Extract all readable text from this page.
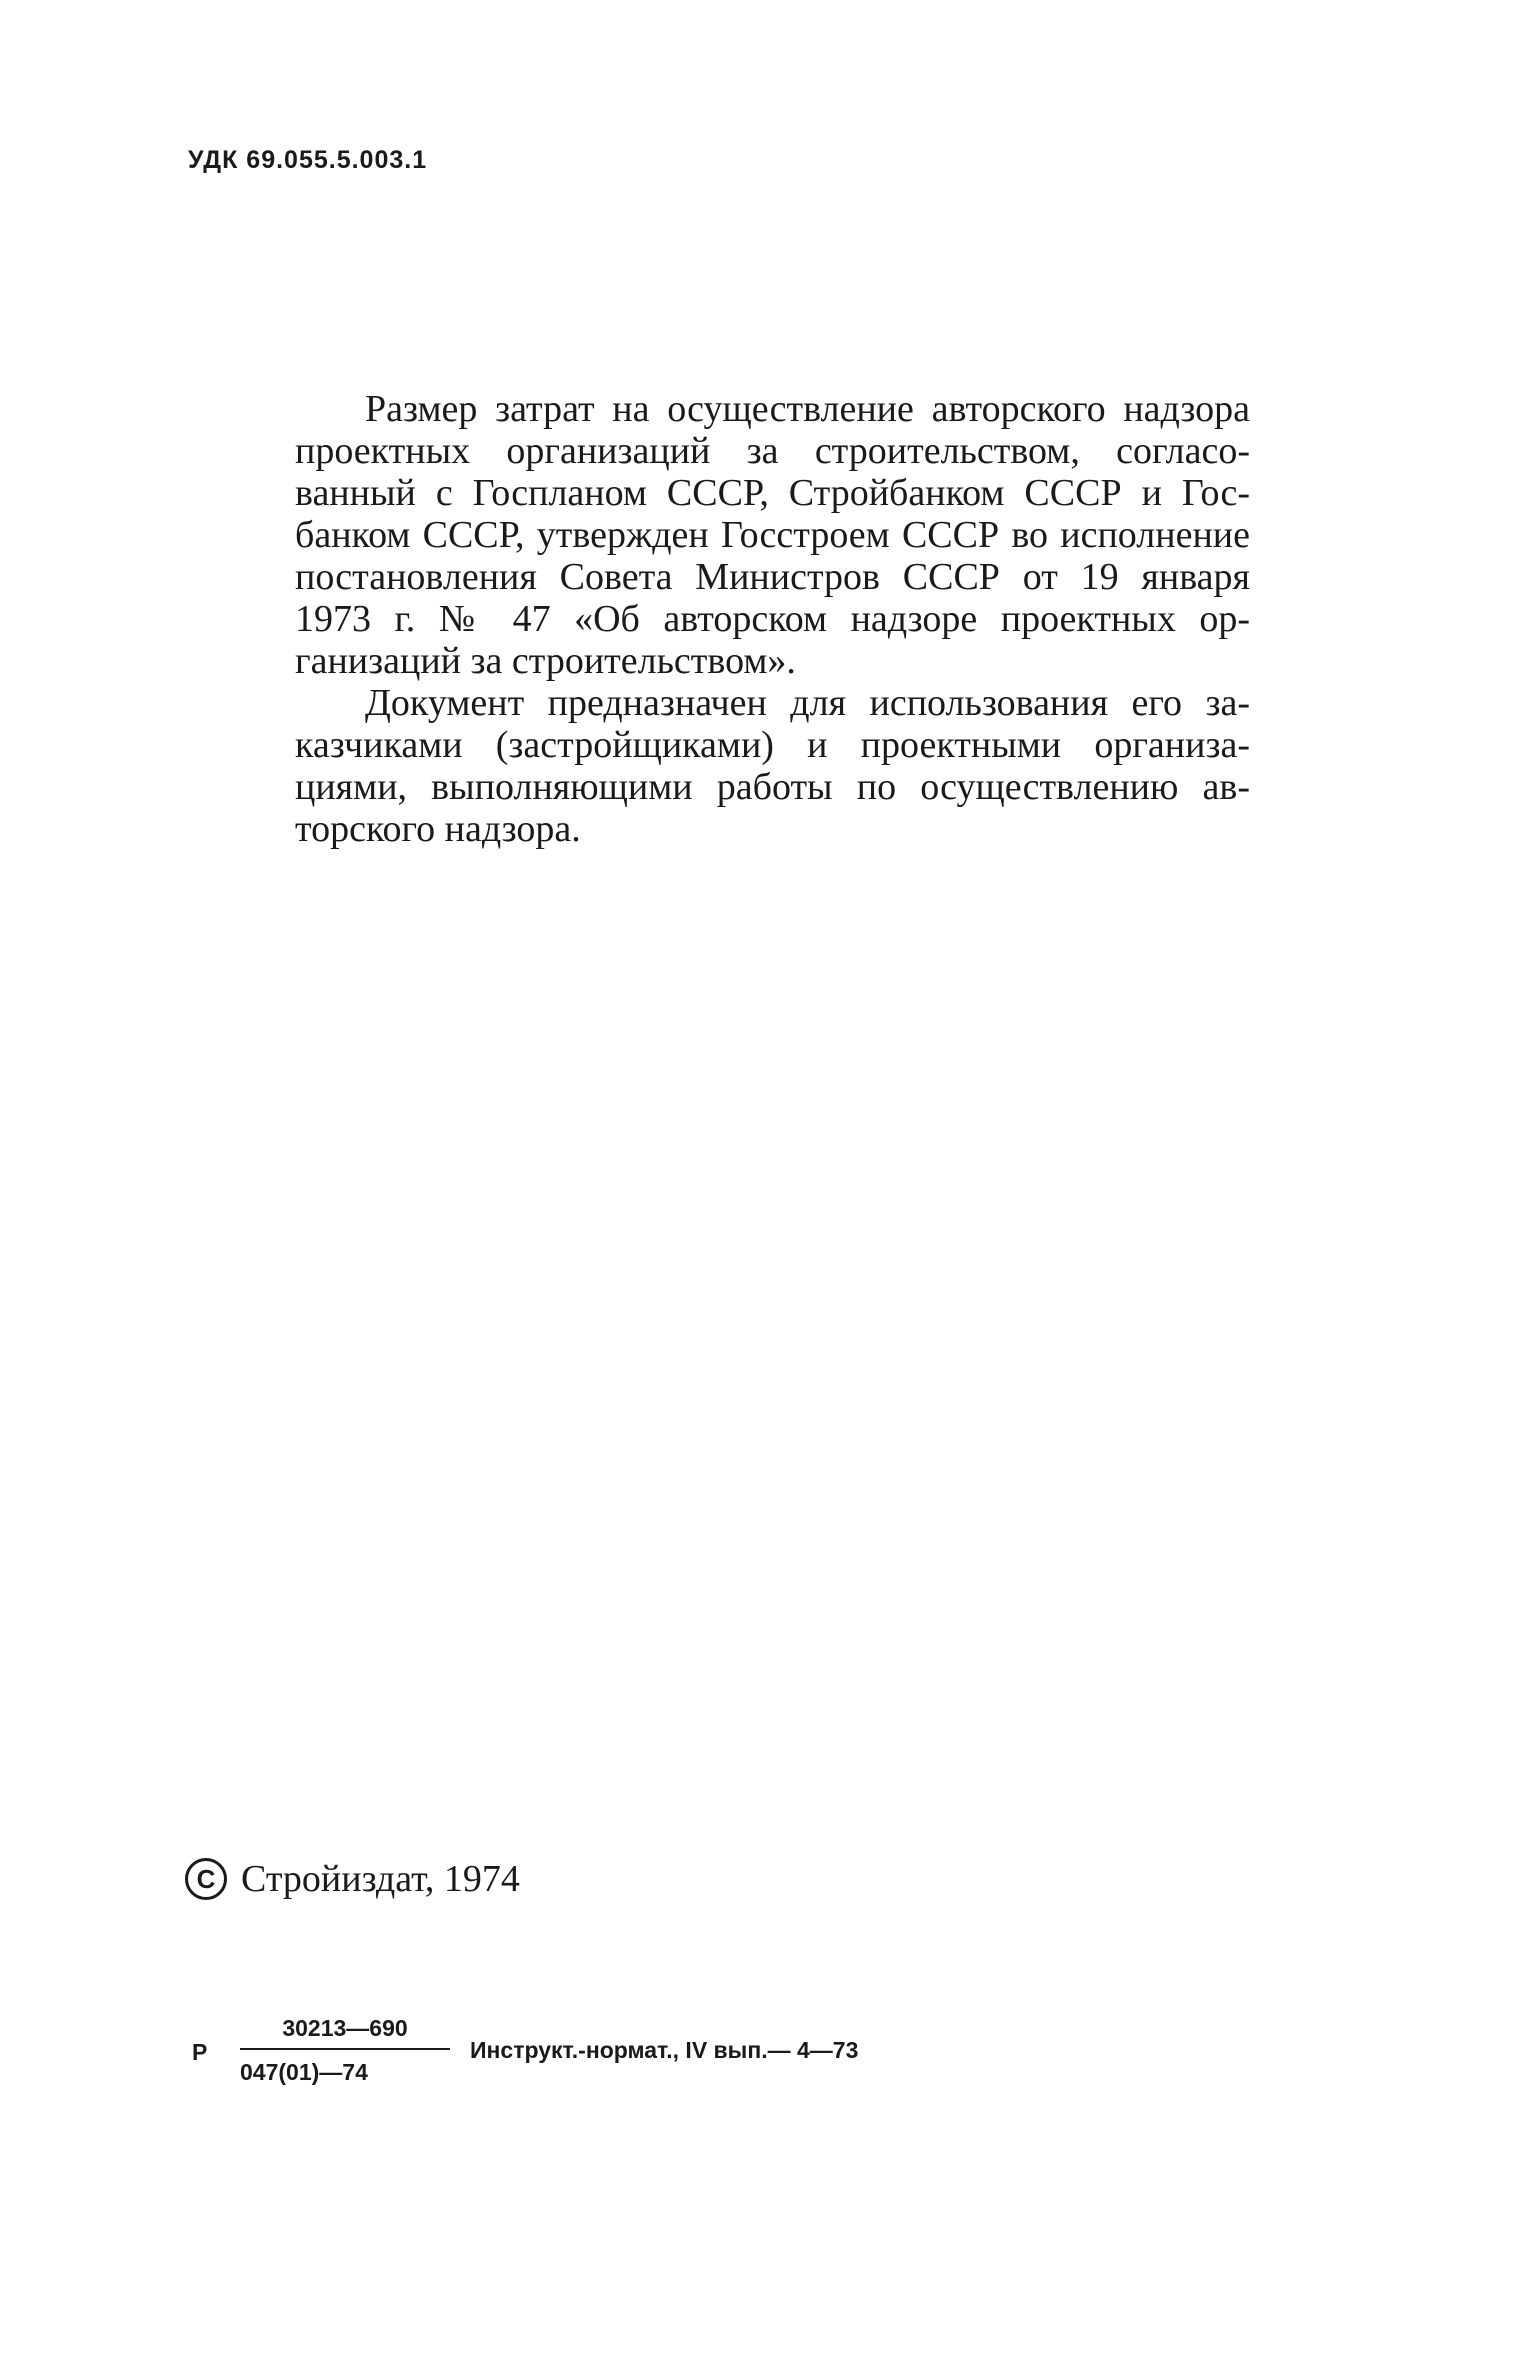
УДК 69.055.5.003.1

Размер затрат на осуществление авторского надзора проектных организаций за строительством, согласованный с Госпланом СССР, Стройбанком СССР и Госбанком СССР, утвержден Госстроем СССР во исполнение постановления Совета Министров СССР от 19 января 1973 г. № 47 «Об авторском надзоре проектных организаций за строительством».

Документ предназначен для использования его заказчиками (застройщиками) и проектными организациями, выполняющими работы по осуществлению авторского надзора.

C Стройиздат, 1974
Р
30213—690
047(01)—74
Инструкт.-нормат., IV вып.— 4—73
